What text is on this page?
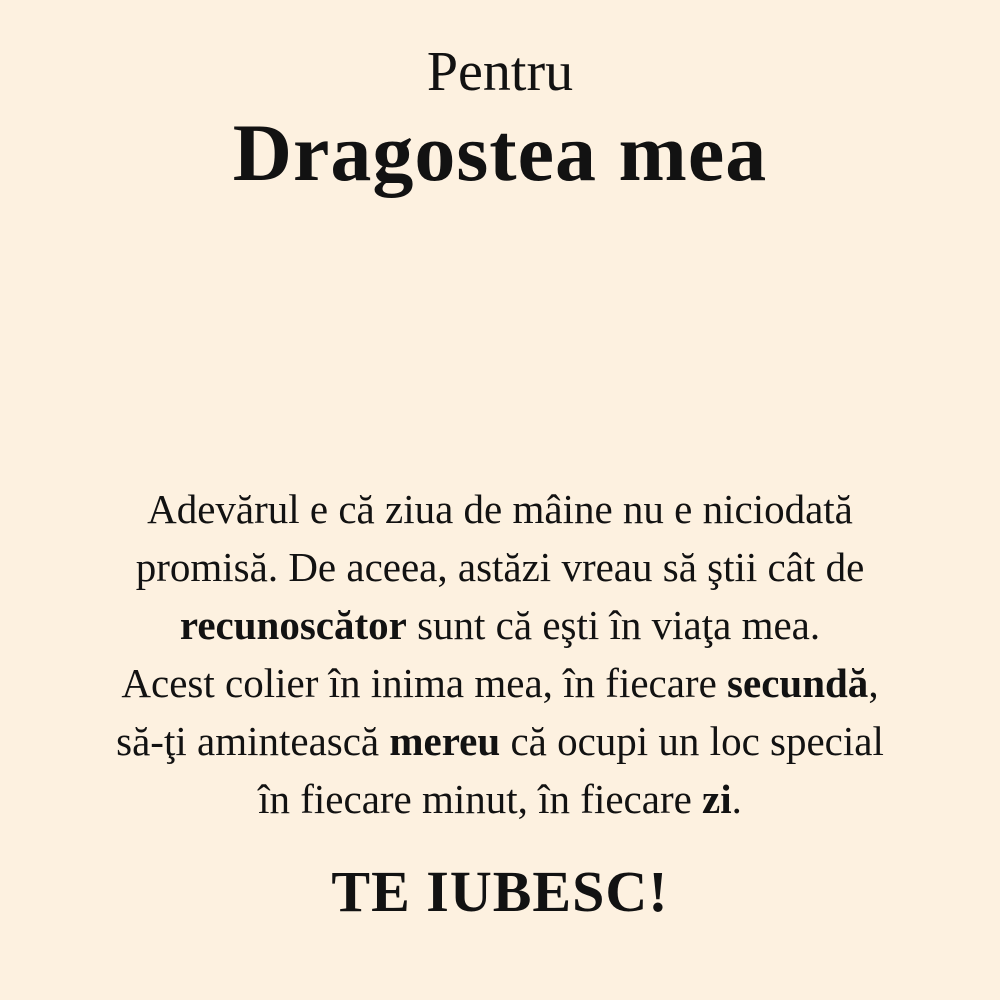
Pentru
Dragostea mea
Adevărul e că ziua de mâine nu e niciodată
promisă. De aceea, astăzi vreau să ştii cât de
recunoscător sunt că eşti în viaţa mea.
Acest colier în inima mea, în fiecare secundă,
să-ţi amintească mereu că ocupi un loc special
în fiecare minut, în fiecare zi.
TE IUBESC!
